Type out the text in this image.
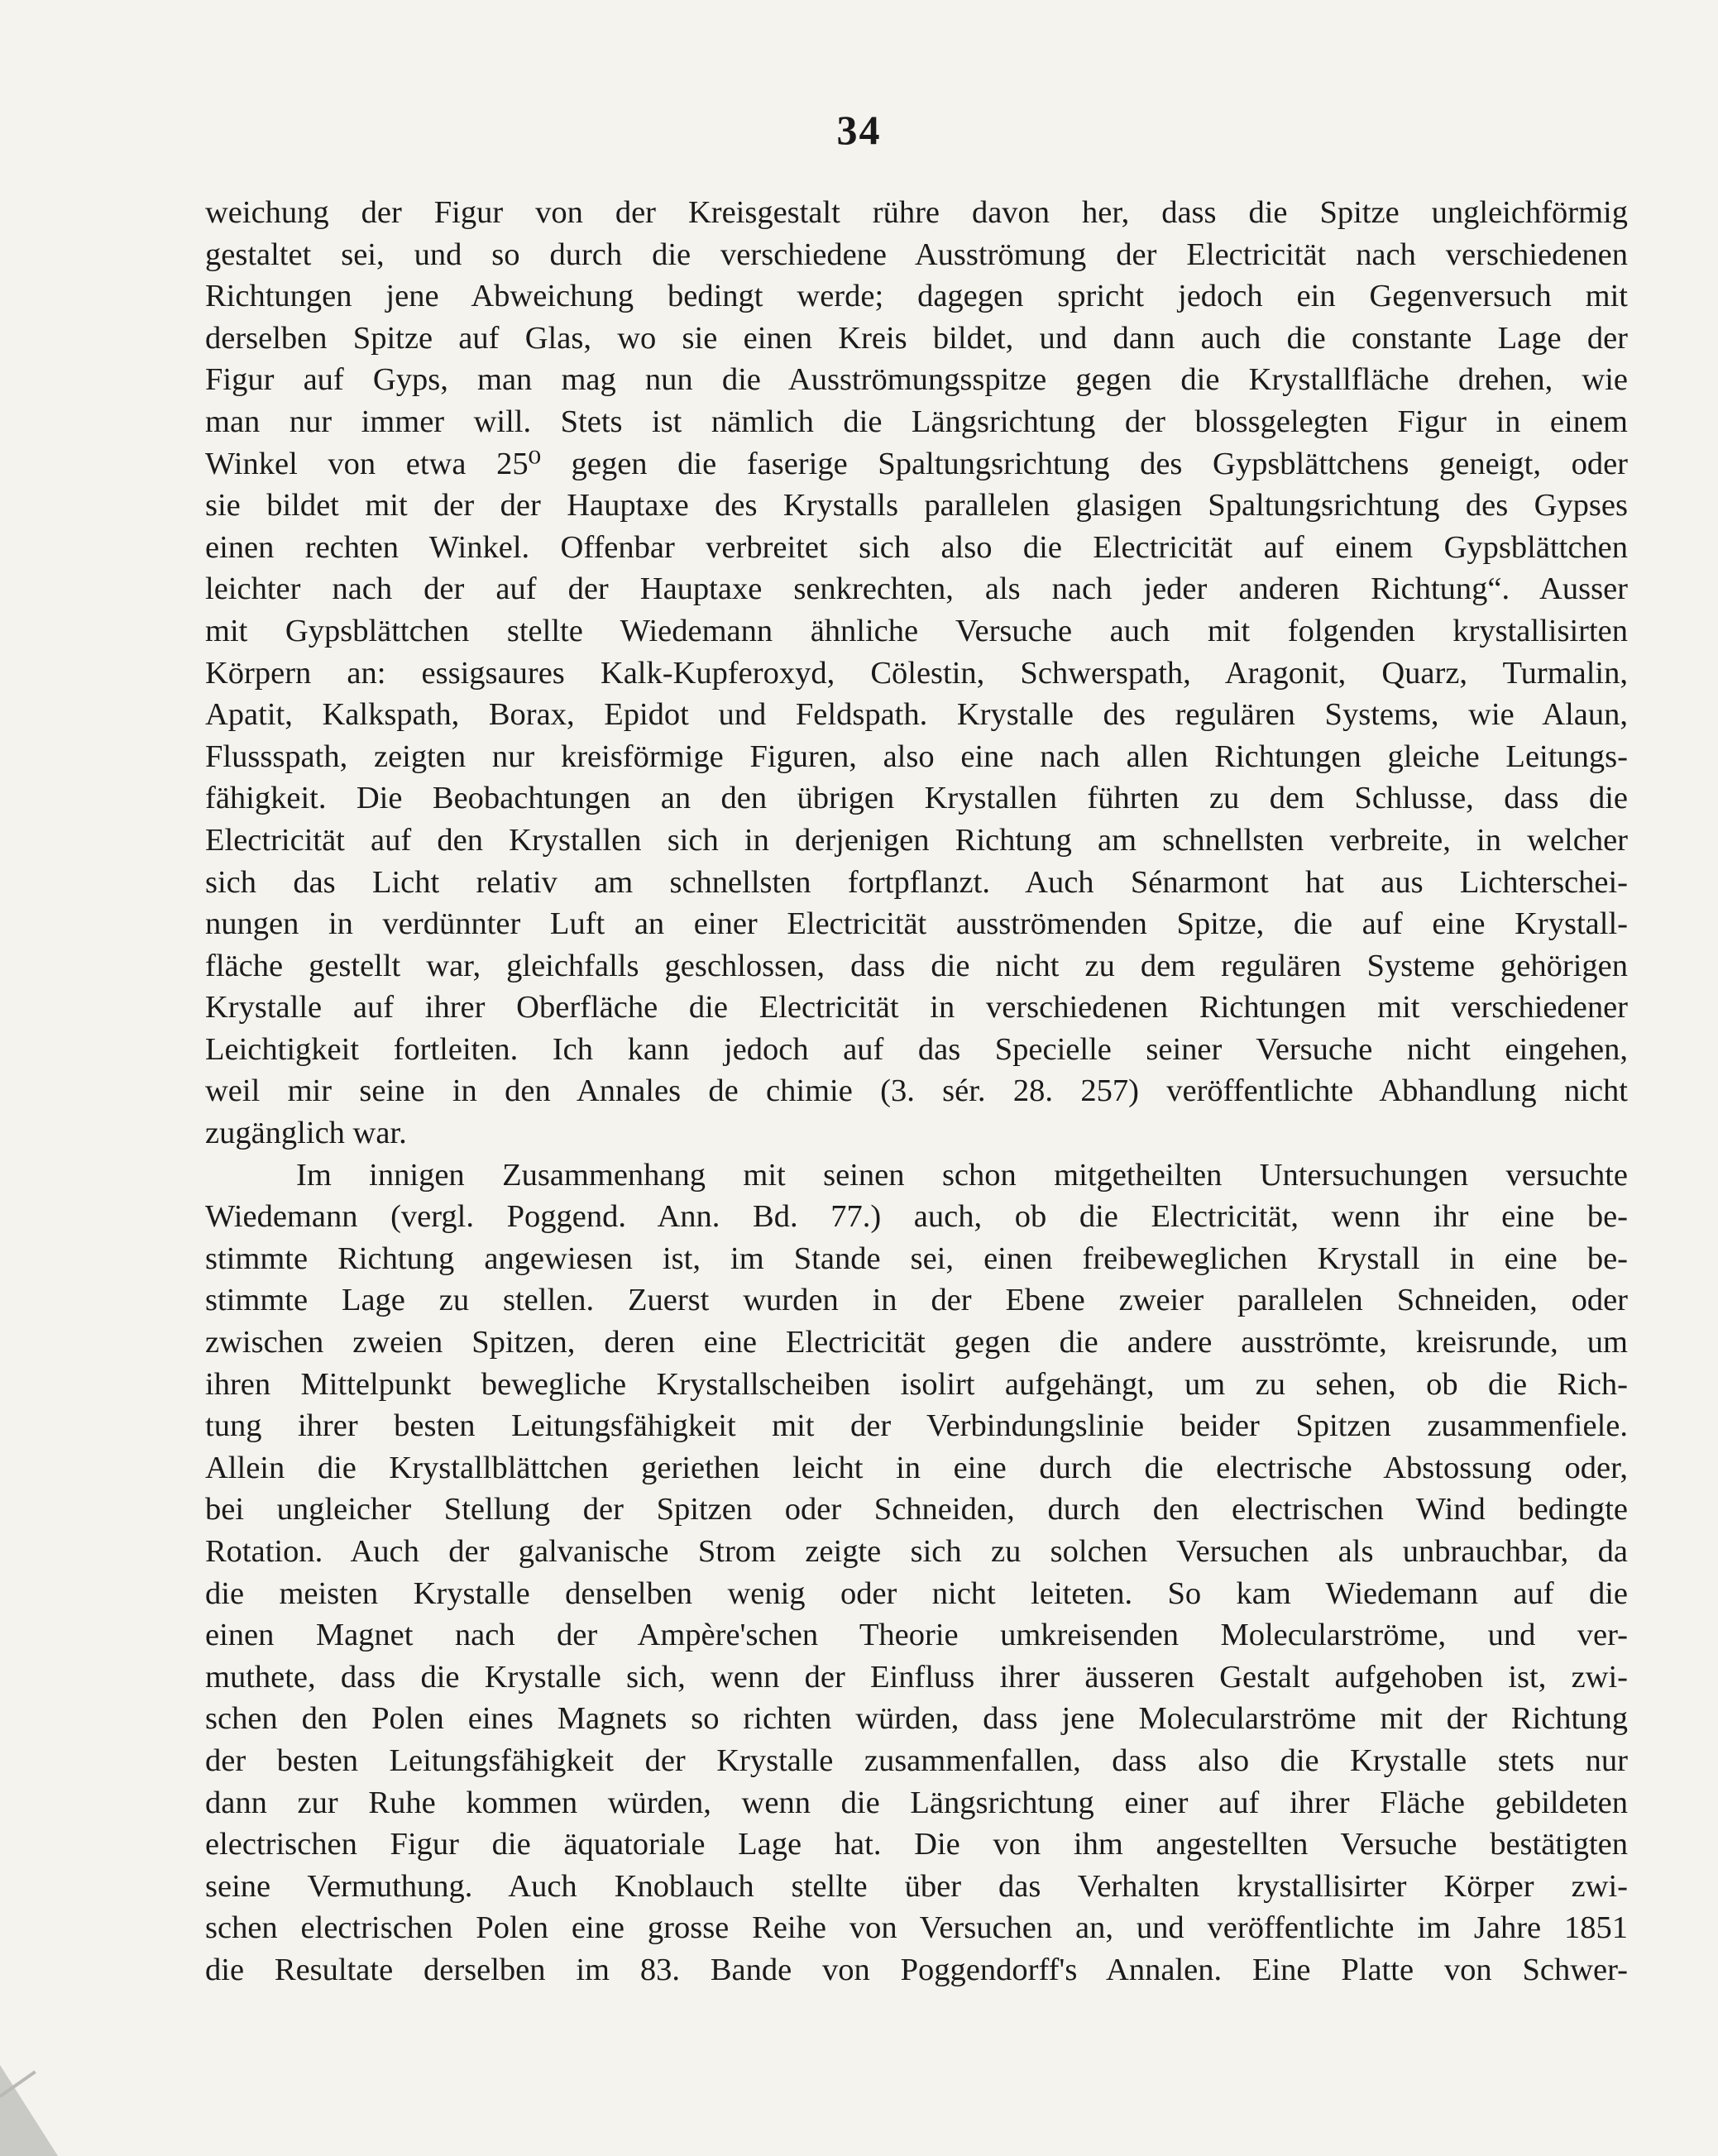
34
weichung der Figur von der Kreisgestalt rühre davon her, dass die Spitze ungleichförmig
gestaltet sei, und so durch die verschiedene Ausströmung der Electricität nach verschiedenen
Richtungen jene Abweichung bedingt werde; dagegen spricht jedoch ein Gegenversuch mit
derselben Spitze auf Glas, wo sie einen Kreis bildet, und dann auch die constante Lage der
Figur auf Gyps, man mag nun die Ausströmungsspitze gegen die Krystallfläche drehen, wie
man nur immer will. Stets ist nämlich die Längsrichtung der blossgelegten Figur in einem
Winkel von etwa 25⁰ gegen die faserige Spaltungsrichtung des Gypsblättchens geneigt, oder
sie bildet mit der der Hauptaxe des Krystalls parallelen glasigen Spaltungsrichtung des Gypses
einen rechten Winkel. Offenbar verbreitet sich also die Electricität auf einem Gypsblättchen
leichter nach der auf der Hauptaxe senkrechten, als nach jeder anderen Richtung“. Ausser
mit Gypsblättchen stellte Wiedemann ähnliche Versuche auch mit folgenden krystallisirten
Körpern an: essigsaures Kalk-Kupferoxyd, Cölestin, Schwerspath, Aragonit, Quarz, Turmalin,
Apatit, Kalkspath, Borax, Epidot und Feldspath. Krystalle des regulären Systems, wie Alaun,
Flussspath, zeigten nur kreisförmige Figuren, also eine nach allen Richtungen gleiche Leitungs-
fähigkeit. Die Beobachtungen an den übrigen Krystallen führten zu dem Schlusse, dass die
Electricität auf den Krystallen sich in derjenigen Richtung am schnellsten verbreite, in welcher
sich das Licht relativ am schnellsten fortpflanzt. Auch Sénarmont hat aus Lichterschei-
nungen in verdünnter Luft an einer Electricität ausströmenden Spitze, die auf eine Krystall-
fläche gestellt war, gleichfalls geschlossen, dass die nicht zu dem regulären Systeme gehörigen
Krystalle auf ihrer Oberfläche die Electricität in verschiedenen Richtungen mit verschiedener
Leichtigkeit fortleiten. Ich kann jedoch auf das Specielle seiner Versuche nicht eingehen,
weil mir seine in den Annales de chimie (3. sér. 28. 257) veröffentlichte Abhandlung nicht
zugänglich war.
Im innigen Zusammenhang mit seinen schon mitgetheilten Untersuchungen versuchte
Wiedemann (vergl. Poggend. Ann. Bd. 77.) auch, ob die Electricität, wenn ihr eine be-
stimmte Richtung angewiesen ist, im Stande sei, einen freibeweglichen Krystall in eine be-
stimmte Lage zu stellen. Zuerst wurden in der Ebene zweier parallelen Schneiden, oder
zwischen zweien Spitzen, deren eine Electricität gegen die andere ausströmte, kreisrunde, um
ihren Mittelpunkt bewegliche Krystallscheiben isolirt aufgehängt, um zu sehen, ob die Rich-
tung ihrer besten Leitungsfähigkeit mit der Verbindungslinie beider Spitzen zusammenfiele.
Allein die Krystallblättchen geriethen leicht in eine durch die electrische Abstossung oder,
bei ungleicher Stellung der Spitzen oder Schneiden, durch den electrischen Wind bedingte
Rotation. Auch der galvanische Strom zeigte sich zu solchen Versuchen als unbrauchbar, da
die meisten Krystalle denselben wenig oder nicht leiteten. So kam Wiedemann auf die
einen Magnet nach der Ampère'schen Theorie umkreisenden Molecularströme, und ver-
muthete, dass die Krystalle sich, wenn der Einfluss ihrer äusseren Gestalt aufgehoben ist, zwi-
schen den Polen eines Magnets so richten würden, dass jene Molecularströme mit der Richtung
der besten Leitungsfähigkeit der Krystalle zusammenfallen, dass also die Krystalle stets nur
dann zur Ruhe kommen würden, wenn die Längsrichtung einer auf ihrer Fläche gebildeten
electrischen Figur die äquatoriale Lage hat. Die von ihm angestellten Versuche bestätigten
seine Vermuthung. Auch Knoblauch stellte über das Verhalten krystallisirter Körper zwi-
schen electrischen Polen eine grosse Reihe von Versuchen an, und veröffentlichte im Jahre 1851
die Resultate derselben im 83. Bande von Poggendorff's Annalen. Eine Platte von Schwer-
